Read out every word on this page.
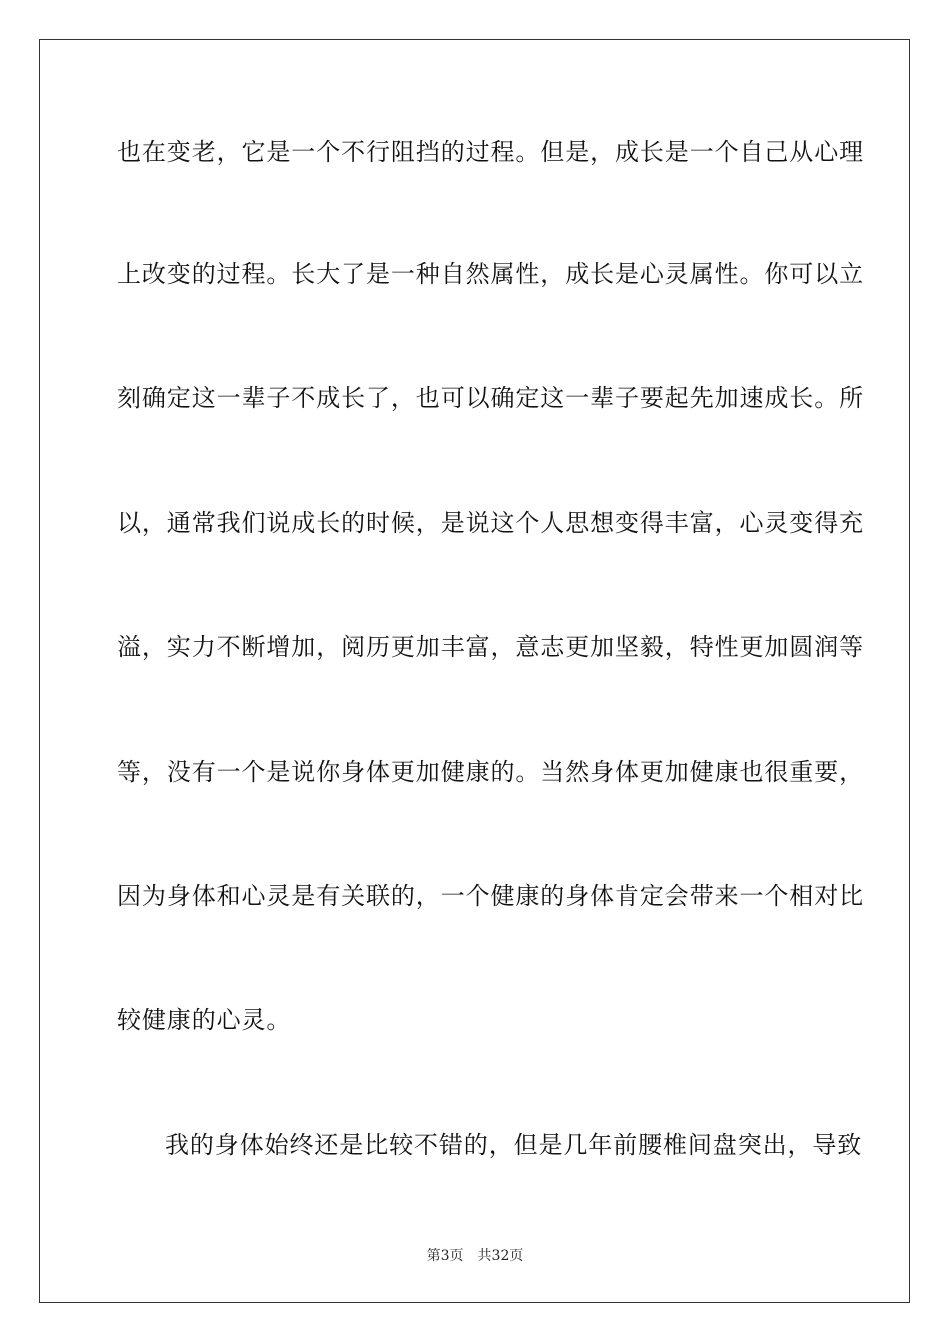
也在变老，它是一个不行阻挡的过程。但是，成长是一个自己从心理
上改变的过程。长大了是一种自然属性，成长是心灵属性。你可以立
刻确定这一辈子不成长了，也可以确定这一辈子要起先加速成长。所
以，通常我们说成长的时候，是说这个人思想变得丰富，心灵变得充
溢，实力不断增加，阅历更加丰富，意志更加坚毅，特性更加圆润等
等，没有一个是说你身体更加健康的。当然身体更加健康也很重要，
因为身体和心灵是有关联的，一个健康的身体肯定会带来一个相对比
较健康的心灵。
我的身体始终还是比较不错的，但是几年前腰椎间盘突出，导致
第3页　共32页
